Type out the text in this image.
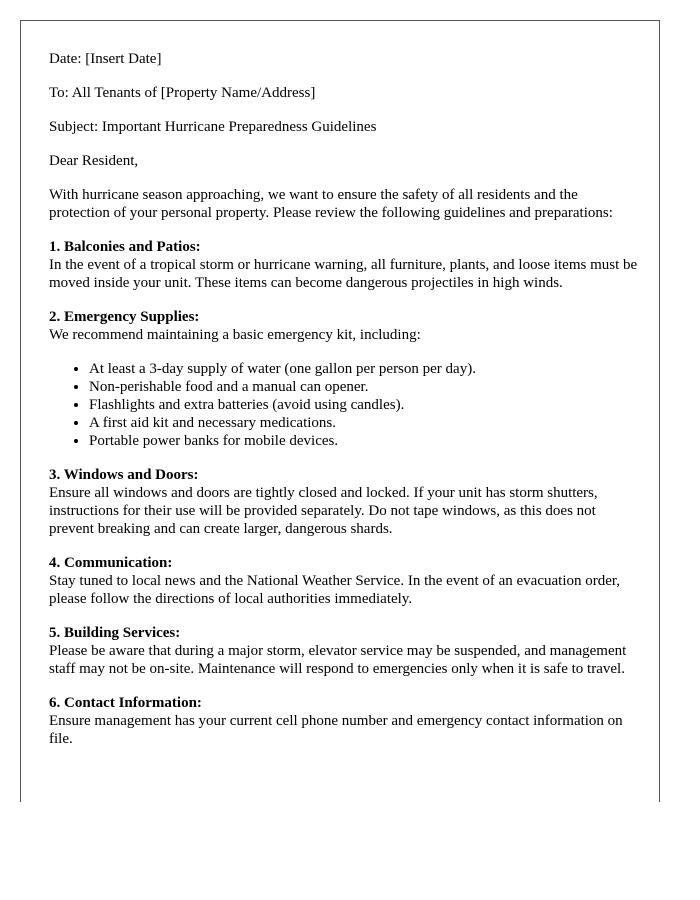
Date: [Insert Date]

To: All Tenants of [Property Name/Address]

Subject: Important Hurricane Preparedness Guidelines

Dear Resident,

With hurricane season approaching, we want to ensure the safety of all residents and the protection of your personal property. Please review the following guidelines and preparations:

1. Balconies and Patios:
In the event of a tropical storm or hurricane warning, all furniture, plants, and loose items must be moved inside your unit. These items can become dangerous projectiles in high winds.
2. Emergency Supplies:
We recommend maintaining a basic emergency kit, including:
• At least a 3-day supply of water (one gallon per person per day).
• Non-perishable food and a manual can opener.
• Flashlights and extra batteries (avoid using candles).
• A first aid kit and necessary medications.
• Portable power banks for mobile devices.
3. Windows and Doors:
Ensure all windows and doors are tightly closed and locked. If your unit has storm shutters, instructions for their use will be provided separately. Do not tape windows, as this does not prevent breaking and can create larger, dangerous shards.
4. Communication:
Stay tuned to local news and the National Weather Service. In the event of an evacuation order, please follow the directions of local authorities immediately.
5. Building Services:
Please be aware that during a major storm, elevator service may be suspended, and management staff may not be on-site. Maintenance will respond to emergencies only when it is safe to travel.
6. Contact Information:
Ensure management has your current cell phone number and emergency contact information on file.
